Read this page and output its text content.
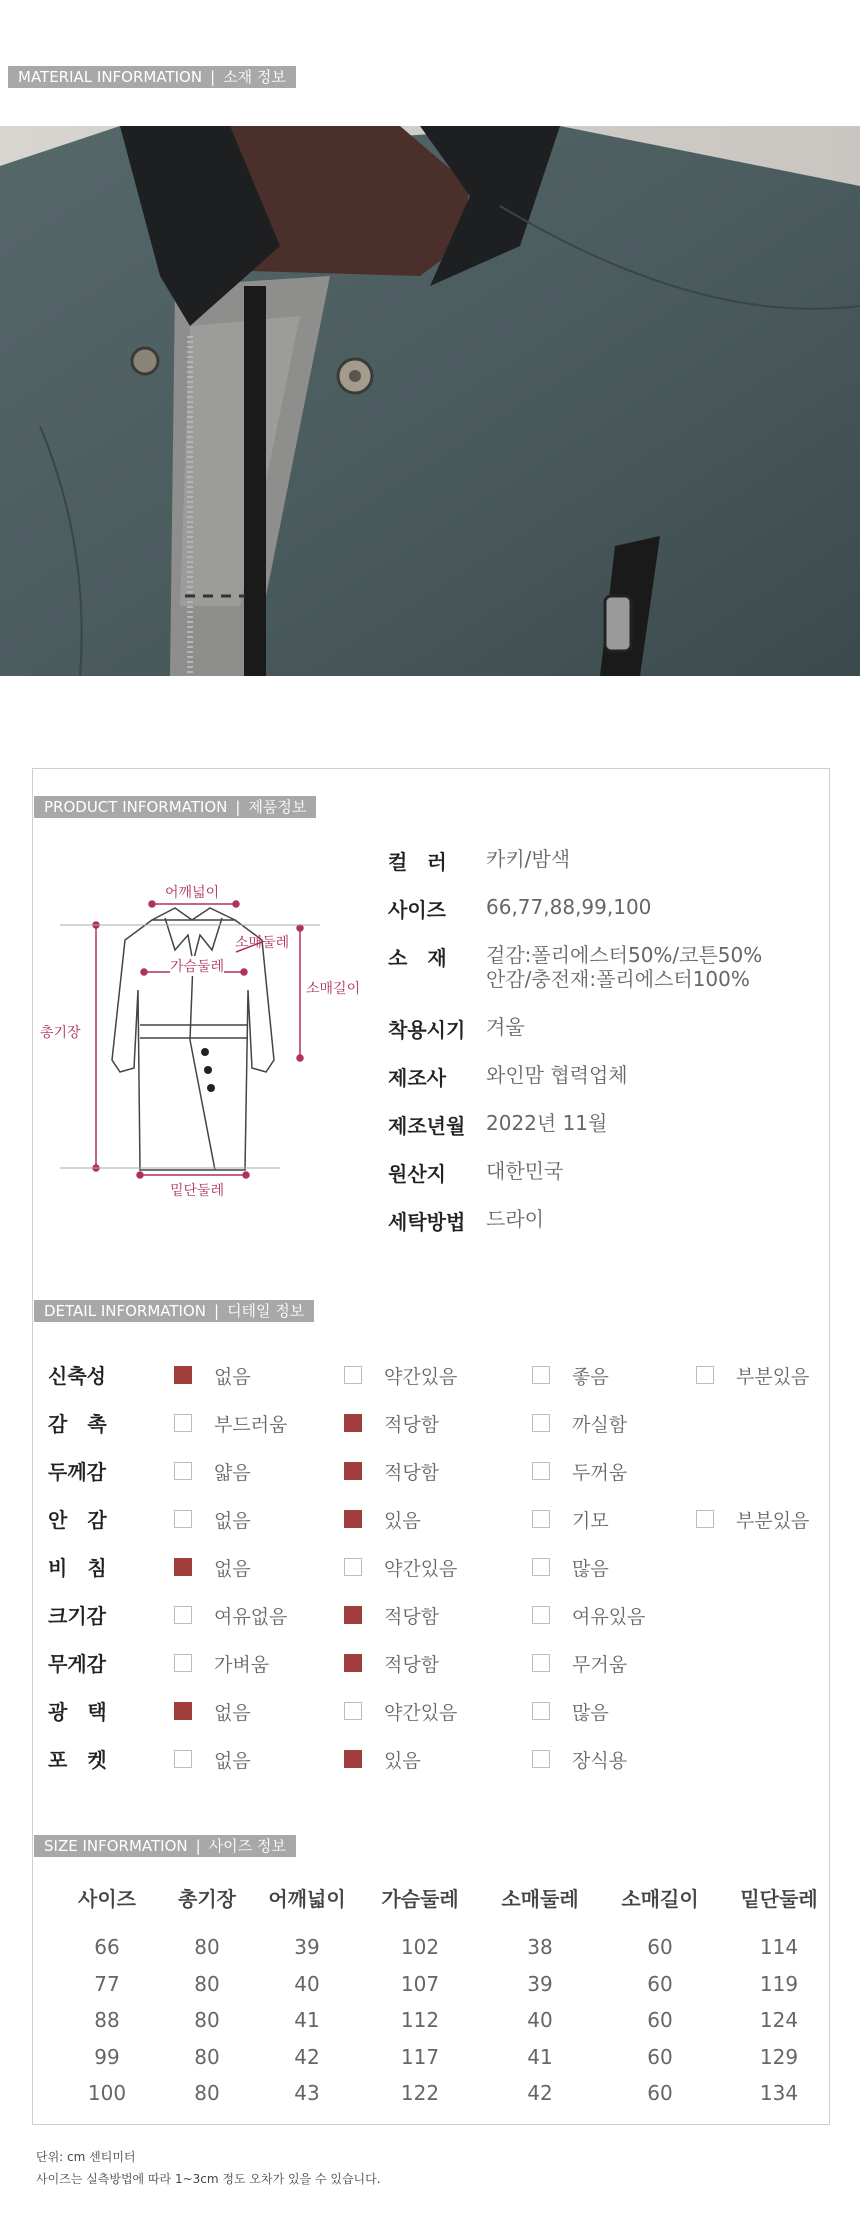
MATERIAL INFORMATION | 소재 정보
PRODUCT INFORMATION | 제품정보
어깨넓이
소매둘레
가슴둘레
소매길이
총기장
밑단둘레
컬　러	카키/밤색
사이즈	66,77,88,99,100
소　재	겉감:폴리에스터50%/코튼50%
안감/충전재:폴리에스터100%
착용시기 겨울
제조사	와인맘 협력업체
제조년월 2022년 11월
원산지	대한민국
세탁방법 드라이
DETAIL INFORMATION | 디테일 정보
신축성	없음	약간있음	좋음	부분있음
감　촉	부드러움	적당함	까실함
두께감	얇음	적당함	두꺼움
안　감	없음	있음	기모	부분있음
비　침	없음	약간있음	많음
크기감	여유없음	적당함	여유있음
무게감	가벼움	적당함	무거움
광　택	없음	약간있음	많음
포　켓	없음	있음	장식용
SIZE INFORMATION | 사이즈 정보
사이즈	총기장	어깨넓이	가슴둘레	소매둘레	소매길이	밑단둘레
66	80	39	102	38	60	114
77	80	40	107	39	60	119
88	80	41	112	40	60	124
99	80	42	117	41	60	129
100	80	43	122	42	60	134
단위: cm 센티미터
사이즈는 실측방법에 따라 1~3cm 정도 오차가 있을 수 있습니다.
